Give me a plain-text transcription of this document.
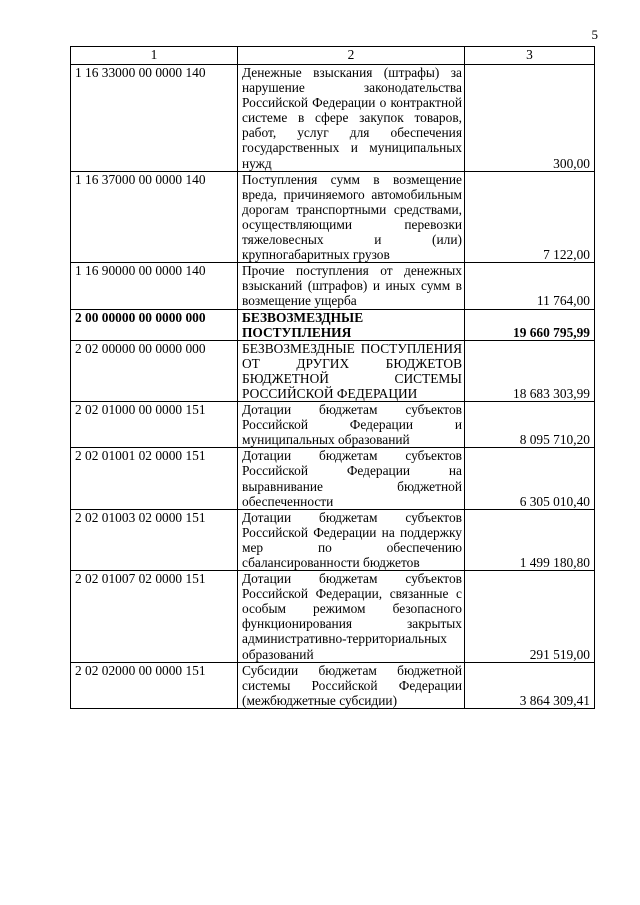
5
1	2	3
1 16 33000 00 0000 140	Денежные взыскания (штрафы) за нарушение законодательства Российской Федерации о контрактной системе в сфере закупок товаров, работ, услуг для обеспечения государственных и муниципальных нужд	300,00
1 16 37000 00 0000 140	Поступления сумм в возмещение вреда, причиняемого автомобильным дорогам транспортными средствами, осуществляющими перевозки тяжеловесных и (или) крупногабаритных грузов	7 122,00
1 16 90000 00 0000 140	Прочие поступления от денежных взысканий (штрафов) и иных сумм в возмещение ущерба	11 764,00
2 00 00000 00 0000 000	БЕЗВОЗМЕЗДНЫЕ ПОСТУПЛЕНИЯ	19 660 795,99
2 02 00000 00 0000 000	БЕЗВОЗМЕЗДНЫЕ ПОСТУПЛЕНИЯ ОТ ДРУГИХ БЮДЖЕТОВ БЮДЖЕТНОЙ СИСТЕМЫ РОССИЙСКОЙ ФЕДЕРАЦИИ	18 683 303,99
2 02 01000 00 0000 151	Дотации бюджетам субъектов Российской Федерации и муниципальных образований	8 095 710,20
2 02 01001 02 0000 151	Дотации бюджетам субъектов Российской Федерации на выравнивание бюджетной обеспеченности	6 305 010,40
2 02 01003 02 0000 151	Дотации бюджетам субъектов Российской Федерации на поддержку мер по обеспечению сбалансированности бюджетов	1 499 180,80
2 02 01007 02 0000 151	Дотации бюджетам субъектов Российской Федерации, связанные с особым режимом безопасного функционирования закрытых административно-территориальных образований	291 519,00
2 02 02000 00 0000 151	Субсидии бюджетам бюджетной системы Российской Федерации (межбюджетные субсидии)	3 864 309,41
